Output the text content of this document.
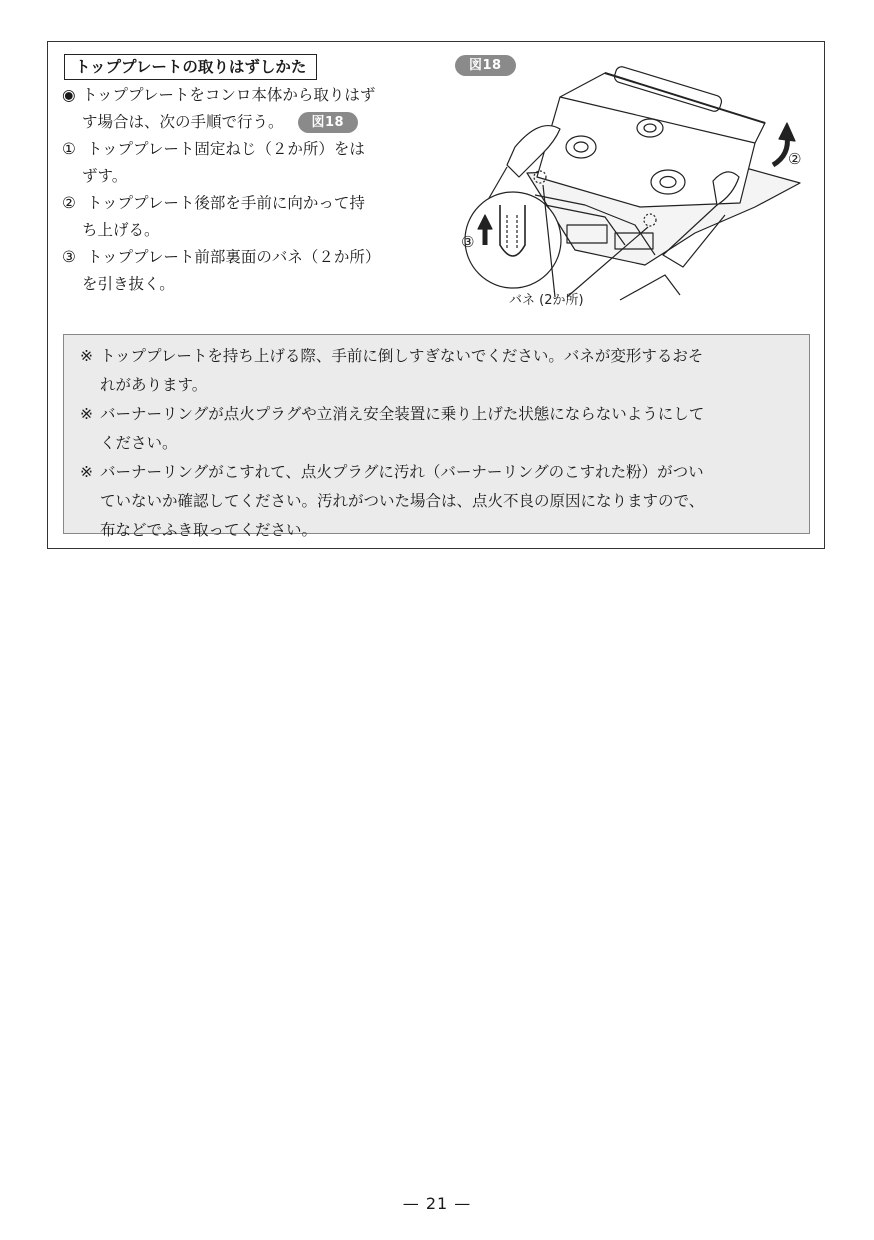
トッププレートの取りはずしかた
◉ トッププレートをコンロ本体から取りはず
す場合は、次の手順で行う。 図18
① トッププレート固定ねじ（２か所）をは
ずす。
② トッププレート後部を手前に向かって持
ち上げる。
③ トッププレート前部裏面のバネ（２か所）
を引き抜く。
②
③
バネ (2か所)
図18
※ トッププレートを持ち上げる際、手前に倒しすぎないでください。バネが変形するおそ
れがあります。
※ バーナーリングが点火プラグや立消え安全装置に乗り上げた状態にならないようにして
ください。
※ バーナーリングがこすれて、点火プラグに汚れ（バーナーリングのこすれた粉）がつい
ていないか確認してください。汚れがついた場合は、点火不良の原因になりますので、
布などでふき取ってください。
— 21 —
